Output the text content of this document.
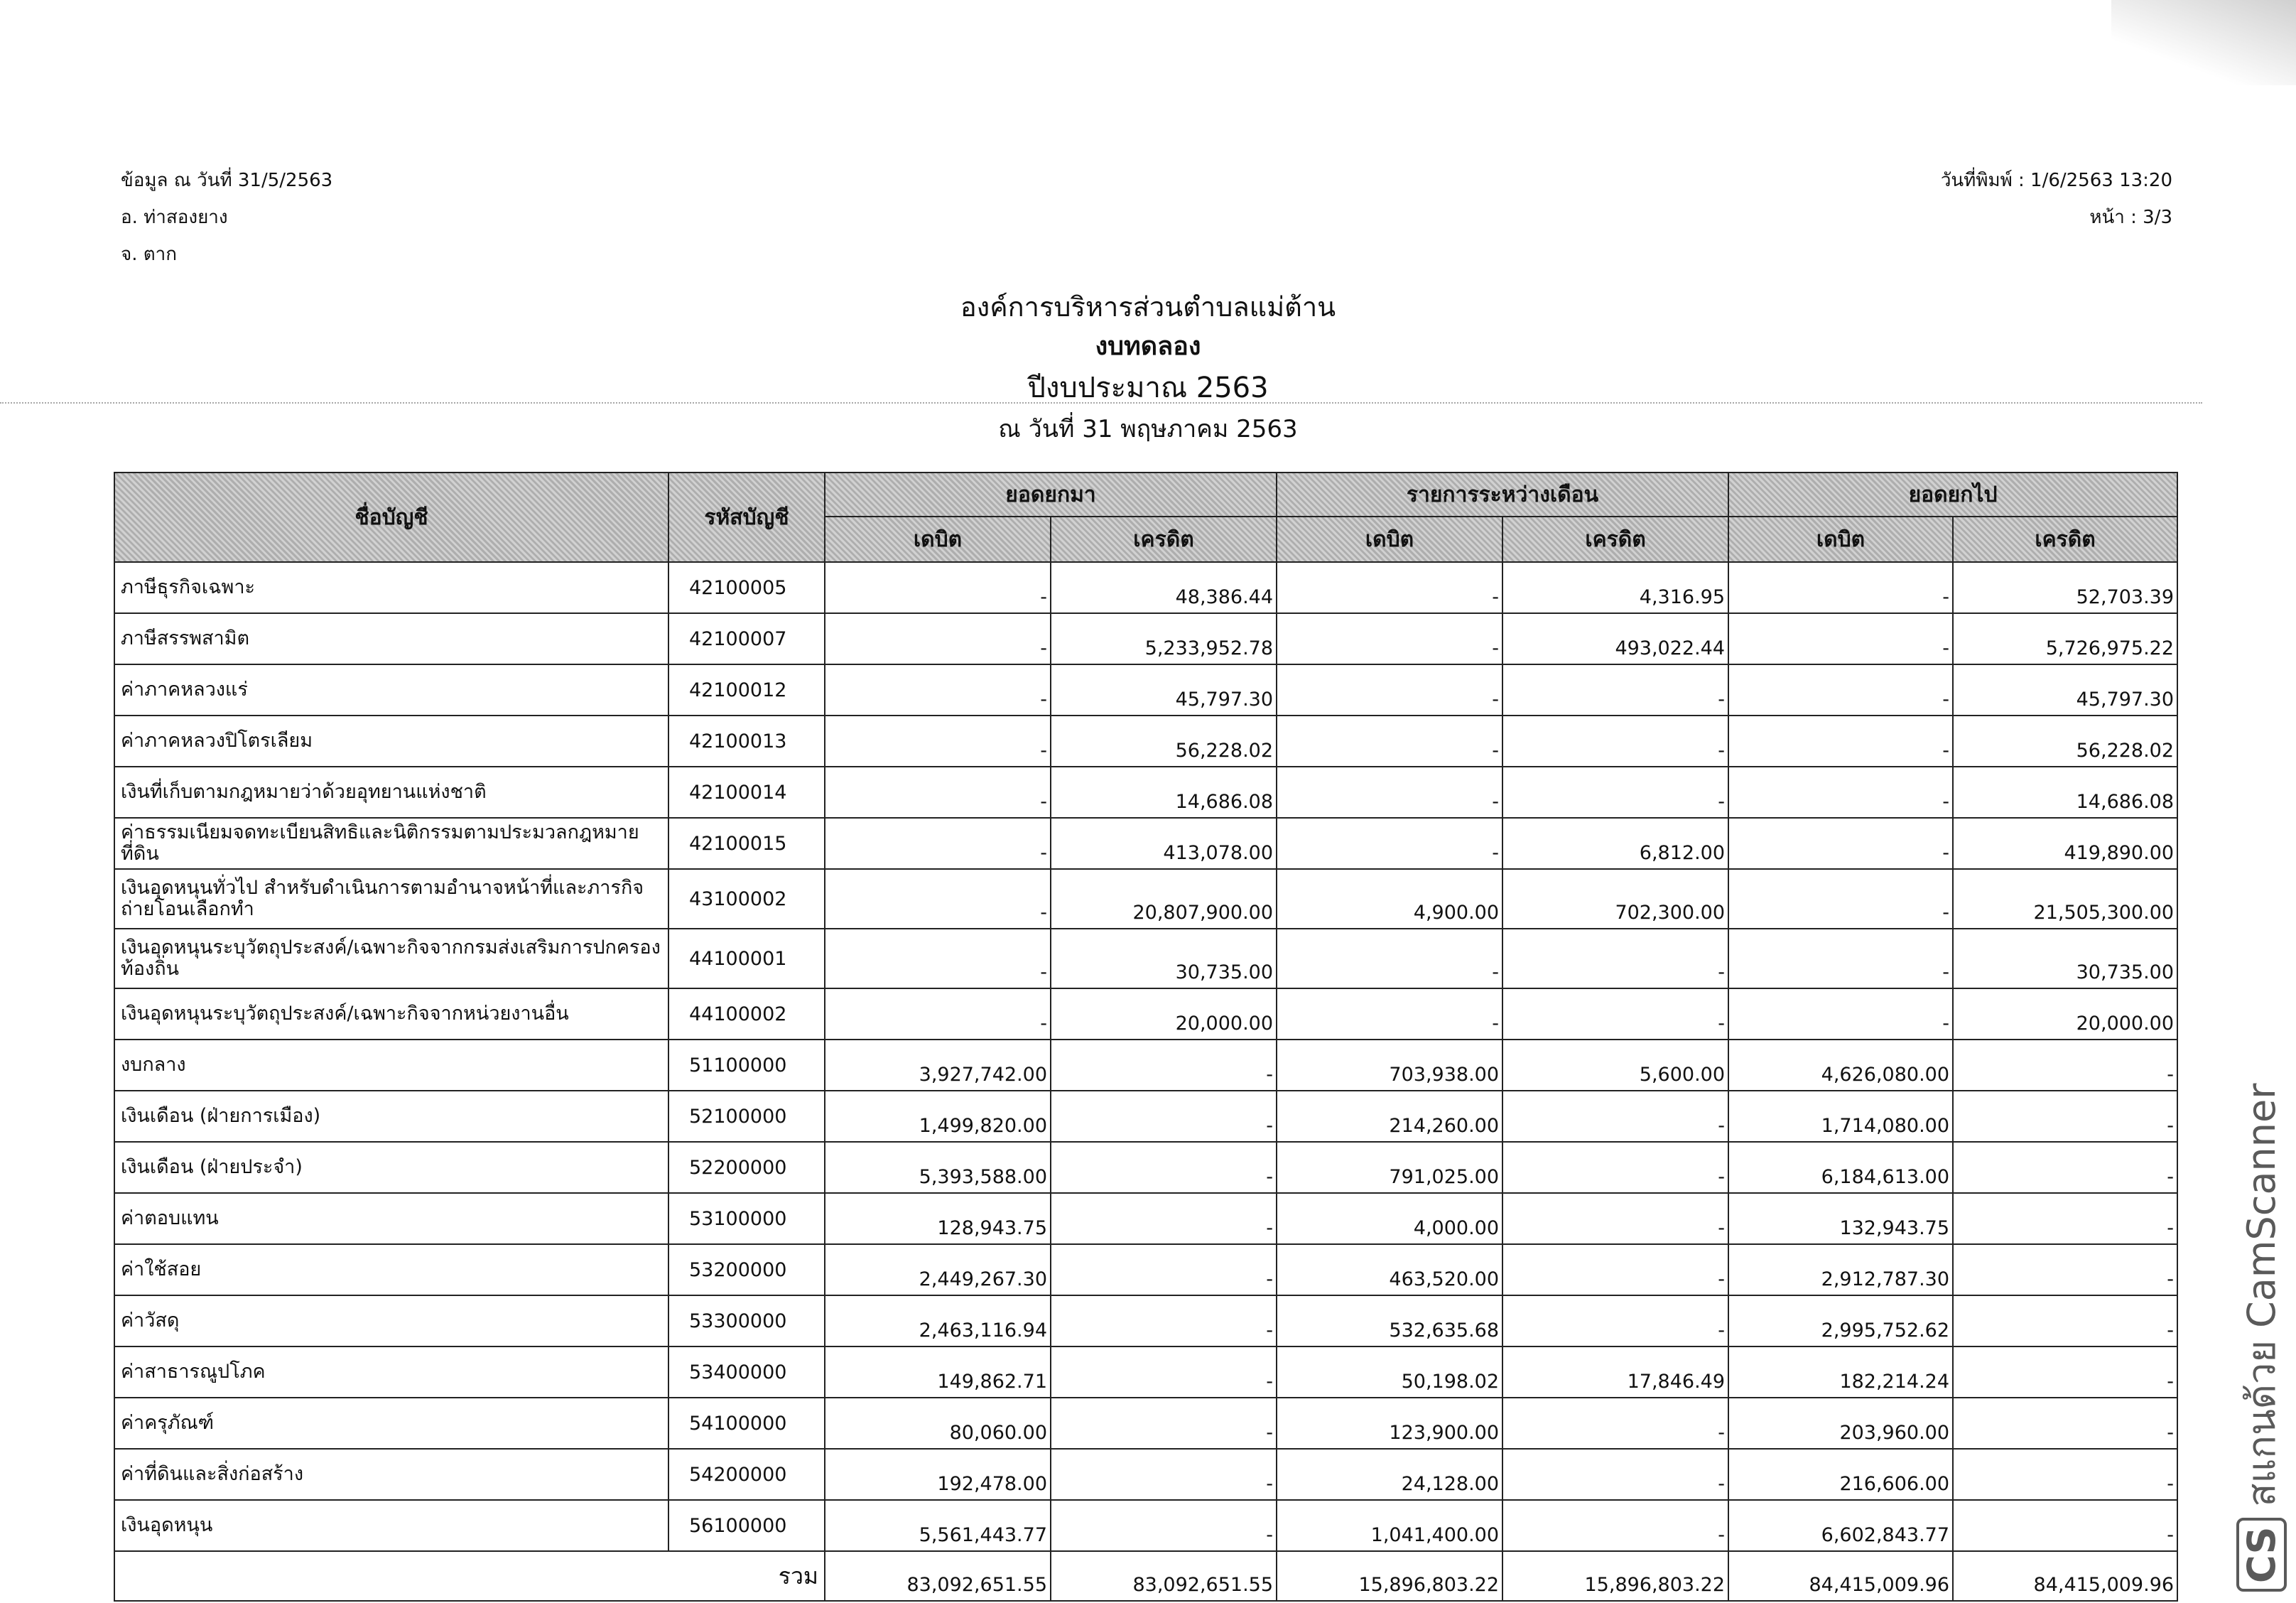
ข้อมูล ณ วันที่ 31/5/2563
อ. ท่าสองยาง
จ. ตาก
วันที่พิมพ์ : 1/6/2563 13:20
หน้า : 3/3
องค์การบริหารส่วนตำบลแม่ต้าน
งบทดลอง
ปีงบประมาณ 2563
ณ วันที่ 31 พฤษภาคม 2563
ชื่อบัญชี	รหัสบัญชี	ยอดยกมา		รายการระหว่างเดือน		ยอดยกไป	
		เดบิต	เครดิต	เดบิต	เครดิต	เดบิต	เครดิต
ภาษีธุรกิจเฉพาะ	42100005	-	48,386.44	-	4,316.95	-	52,703.39
ภาษีสรรพสามิต	42100007	-	5,233,952.78	-	493,022.44	-	5,726,975.22
ค่าภาคหลวงแร่	42100012	-	45,797.30	-	-	-	45,797.30
ค่าภาคหลวงปิโตรเลียม	42100013	-	56,228.02	-	-	-	56,228.02
เงินที่เก็บตามกฎหมายว่าด้วยอุทยานแห่งชาติ	42100014	-	14,686.08	-	-	-	14,686.08
ค่าธรรมเนียมจดทะเบียนสิทธิและนิติกรรมตามประมวลกฎหมายที่ดิน	42100015	-	413,078.00	-	6,812.00	-	419,890.00
เงินอุดหนุนทั่วไป สำหรับดำเนินการตามอำนาจหน้าที่และภารกิจถ่ายโอนเลือกทำ	43100002	-	20,807,900.00	4,900.00	702,300.00	-	21,505,300.00
เงินอุดหนุนระบุวัตถุประสงค์/เฉพาะกิจจากกรมส่งเสริมการปกครองท้องถิ่น	44100001	-	30,735.00	-	-	-	30,735.00
เงินอุดหนุนระบุวัตถุประสงค์/เฉพาะกิจจากหน่วยงานอื่น	44100002	-	20,000.00	-	-	-	20,000.00
งบกลาง	51100000	3,927,742.00	-	703,938.00	5,600.00	4,626,080.00	-
เงินเดือน (ฝ่ายการเมือง)	52100000	1,499,820.00	-	214,260.00	-	1,714,080.00	-
เงินเดือน (ฝ่ายประจำ)	52200000	5,393,588.00	-	791,025.00	-	6,184,613.00	-
ค่าตอบแทน	53100000	128,943.75	-	4,000.00	-	132,943.75	-
ค่าใช้สอย	53200000	2,449,267.30	-	463,520.00	-	2,912,787.30	-
ค่าวัสดุ	53300000	2,463,116.94	-	532,635.68	-	2,995,752.62	-
ค่าสาธารณูปโภค	53400000	149,862.71	-	50,198.02	17,846.49	182,214.24	-
ค่าครุภัณฑ์	54100000	80,060.00	-	123,900.00	-	203,960.00	-
ค่าที่ดินและสิ่งก่อสร้าง	54200000	192,478.00	-	24,128.00	-	216,606.00	-
เงินอุดหนุน	56100000	5,561,443.77	-	1,041,400.00	-	6,602,843.77	-
รวม		83,092,651.55	83,092,651.55	15,896,803.22	15,896,803.22	84,415,009.96	84,415,009.96
CSสแกนด้วย CamScanner
